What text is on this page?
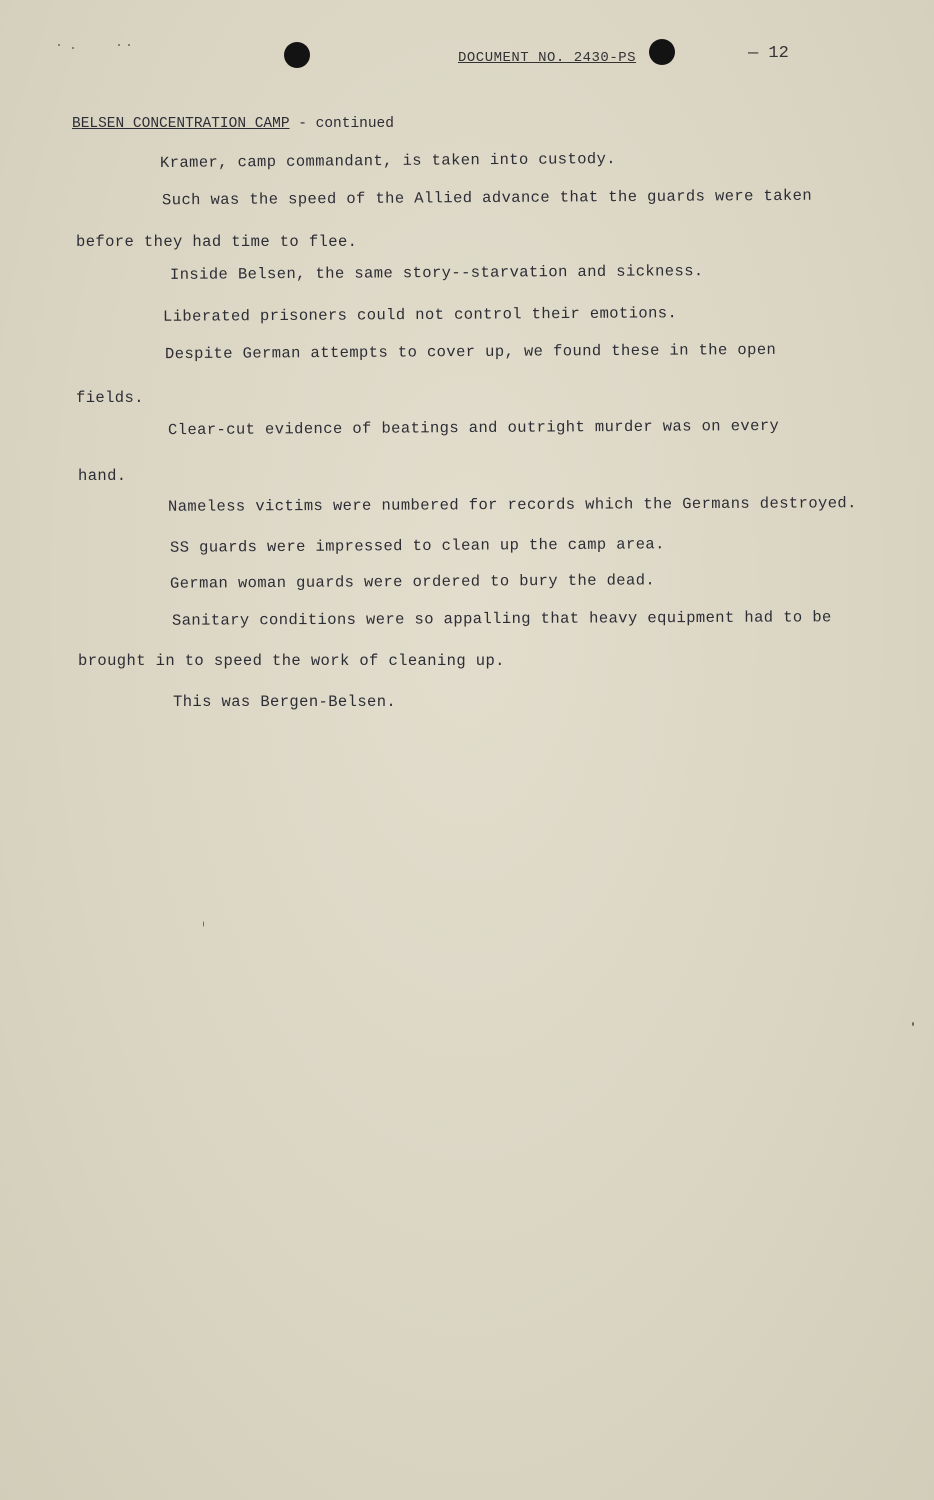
DOCUMENT NO. 2430-PS	— 12
BELSEN CONCENTRATION CAMP - continued
Kramer, camp commandant, is taken into custody.
Such was the speed of the Allied advance that the guards were taken
before they had time to flee.
Inside Belsen, the same story--starvation and sickness.
Liberated prisoners could not control their emotions.
Despite German attempts to cover up, we found these in the open
fields.
Clear-cut evidence of beatings and outright murder was on every
hand.
Nameless victims were numbered for records which the Germans destroyed.
SS guards were impressed to clean up the camp area.
German woman guards were ordered to bury the dead.
Sanitary conditions were so appalling that heavy equipment had to be
brought in to speed the work of cleaning up.
This was Bergen-Belsen.
